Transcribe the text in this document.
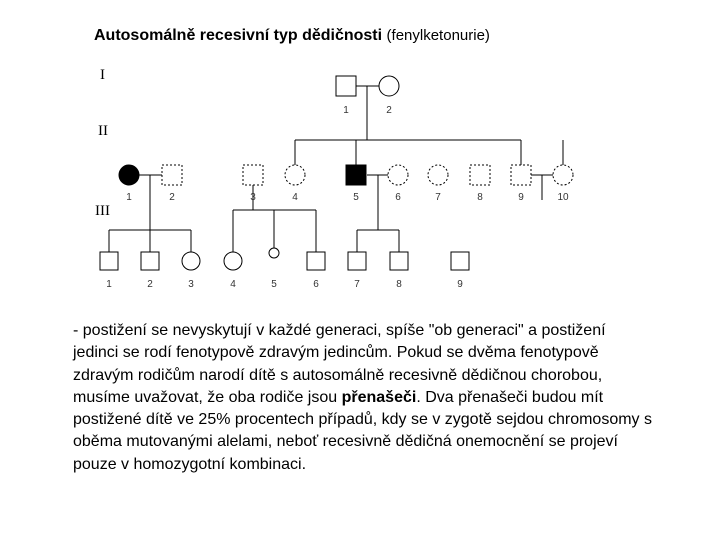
Autosomálně recesivní typ dědičnosti (fenylketonurie)
I
II
III
1	2
1	2	3	4	5	6	7	8	9	10
1	2	3	4	5	6	7	8	9
- postižení se nevyskytují v každé generaci, spíše "ob generaci" a postižení jedinci se rodí fenotypově zdravým jedincům. Pokud se dvěma fenotypově zdravým rodičům narodí dítě s autosomálně recesivně dědičnou chorobou, musíme uvažovat, že oba rodiče jsou přenašeči. Dva přenašeči budou mít postižené dítě ve 25% procentech případů, kdy se v zygotě sejdou chromosomy s oběma mutovanými alelami, neboť recesivně dědičná onemocnění se projeví pouze v homozygotní kombinaci.
